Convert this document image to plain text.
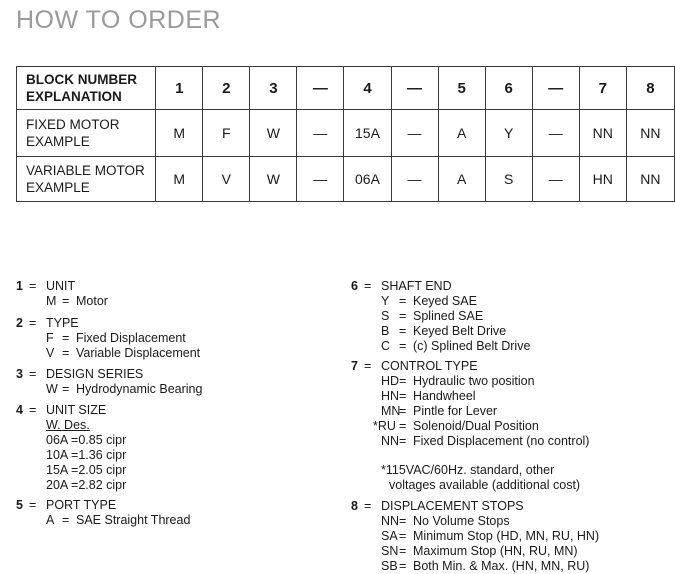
HOW TO ORDER
BLOCK NUMBER
EXPLANATION	1	2	3	—	4	—	5	6	—	7	8

FIXED MOTOR
EXAMPLE	M	F	W	—	15A	—	A	Y	—	NN	NN

VARIABLE MOTOR
EXAMPLE	M	V	W	—	06A	—	A	S	—	HN	NN
1 = UNIT
M = Motor
2 = TYPE
F = Fixed Displacement
V = Variable Displacement
3 = DESIGN SERIES
W = Hydrodynamic Bearing
4 = UNIT SIZE
W. Des.
06A =0.85 cipr
10A =1.36 cipr
15A =2.05 cipr
20A =2.82 cipr
5 = PORT TYPE
A = SAE Straight Thread
6 = SHAFT END
Y = Keyed SAE
S = Splined SAE
B = Keyed Belt Drive
C = (c) Splined Belt Drive
7 = CONTROL TYPE
HD= Hydraulic two position
HN= Handwheel
MN= Pintle for Lever
*RU = Solenoid/Dual Position
NN= Fixed Displacement (no control)
*115VAC/60Hz. standard, other
voltages available (additional cost)
8 = DISPLACEMENT STOPS
NN= No Volume Stops
SA= Minimum Stop (HD, MN, RU, HN)
SN= Maximum Stop (HN, RU, MN)
SB= Both Min. & Max. (HN, MN, RU)
